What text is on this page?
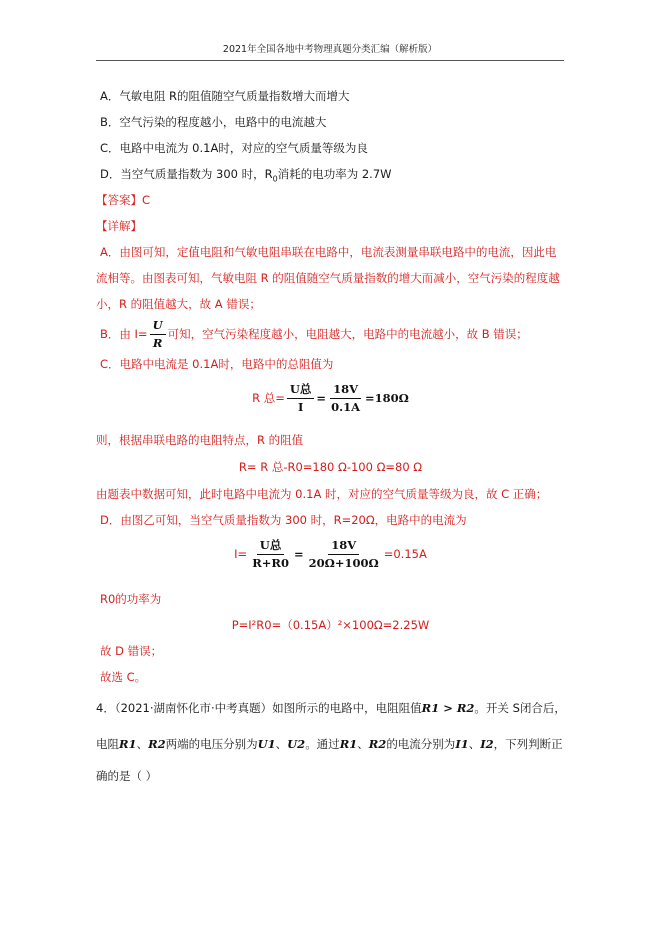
2021年全国各地中考物理真题分类汇编（解析版）
A．气敏电阻 R的阻值随空气质量指数增大而增大
B．空气污染的程度越小，电路中的电流越大
C．电路中电流为 0.1A时，对应的空气质量等级为良
D．当空气质量指数为 300 时，$R_0$消耗的电功率为 2.7W
【答案】C
【详解】
A．由图可知，定值电阻和气敏电阻串联在电路中，电流表测量串联电路中的电流，因此电
流相等。由图表可知，气敏电阻 R 的阻值随空气质量指数的增大而减小，空气污染的程度越
小，R 的阻值越大，故 A 错误；
B．由 $I= \frac{U}{R}$ 可知，空气污染程度越小，电阻越大，电路中的电流越小，故 B 错误；
C．电路中电流是 0.1A时，电路中的总阻值为
R 总= $\frac{\text{U总}}{I} = \frac{18V}{0.1A} =180\Omega$
则，根据串联电路的电阻特点，R 的阻值
R= R 总-R0=180 Ω-100 Ω=80 Ω
由题表中数据可知，此时电路中电流为 0.1A 时，对应的空气质量等级为良，故 C 正确；
D．由图乙可知，当空气质量指数为 300 时，R=20Ω，电路中的电流为
$I= \frac{\text{U总}}{R+R0} = \frac{18V}{20\Omega+100\Omega} =0.15A$
R0的功率为
P=I²R0=（0.15A）²×100Ω=2.25W
故 D 错误；
故选 C。
4．（2021·湖南怀化市·中考真题）如图所示的电路中，电阻阻值R1 > R2。开关 S闭合后，
电阻R1、R2两端的电压分别为U1、U2。通过R1、R2的电流分别为I1、I2，下列判断正
确的是（ ）
